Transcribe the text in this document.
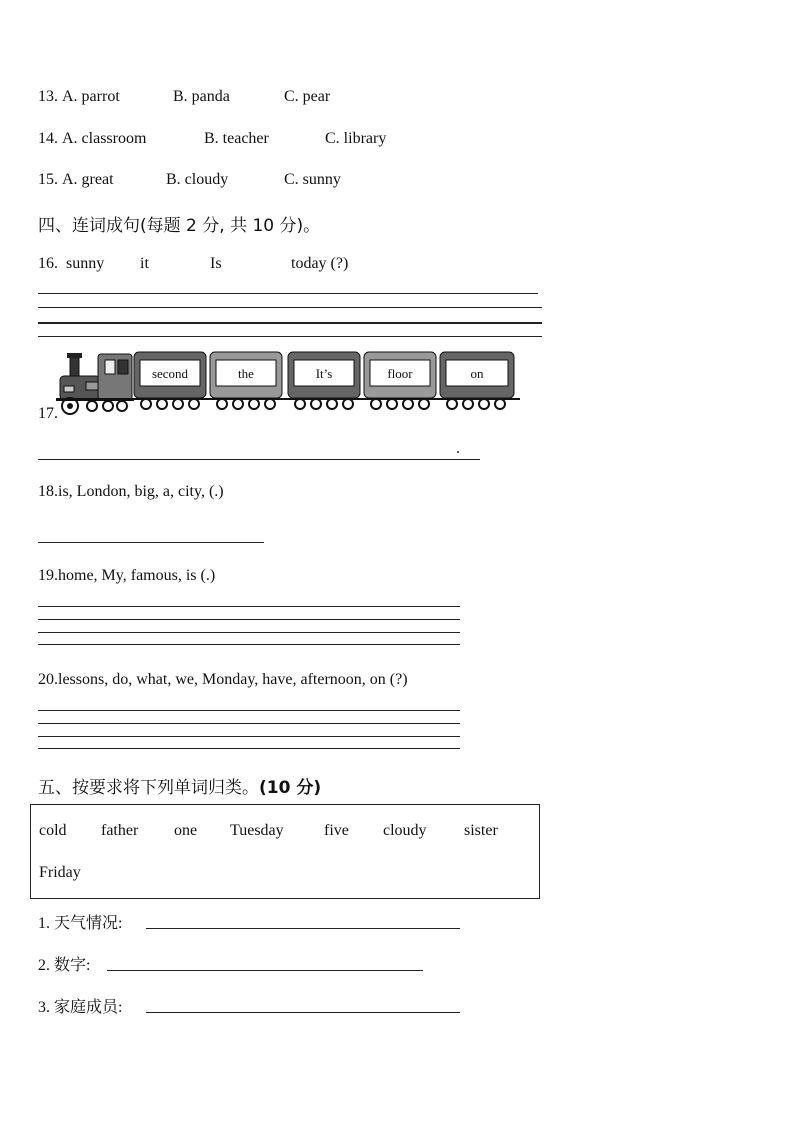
13. A. parrot	B. panda	C. pear
14. A. classroom	B. teacher	C. library
15. A. great	B. cloudy	C. sunny
四、连词成句(每题 2 分, 共 10 分)。
16. sunny it	Is	today (?)
17.
second	the	It’s	floor	on
.
18.is, London, big, a, city, (.)
19.home, My, famous, is (.)
20.lessons, do, what, we, Monday, have, afternoon, on (?)
五、按要求将下列单词归类。(10 分)
cold father one Tuesday	five cloudy sister
Friday
1. 天气情况:
2. 数字:
3. 家庭成员:
